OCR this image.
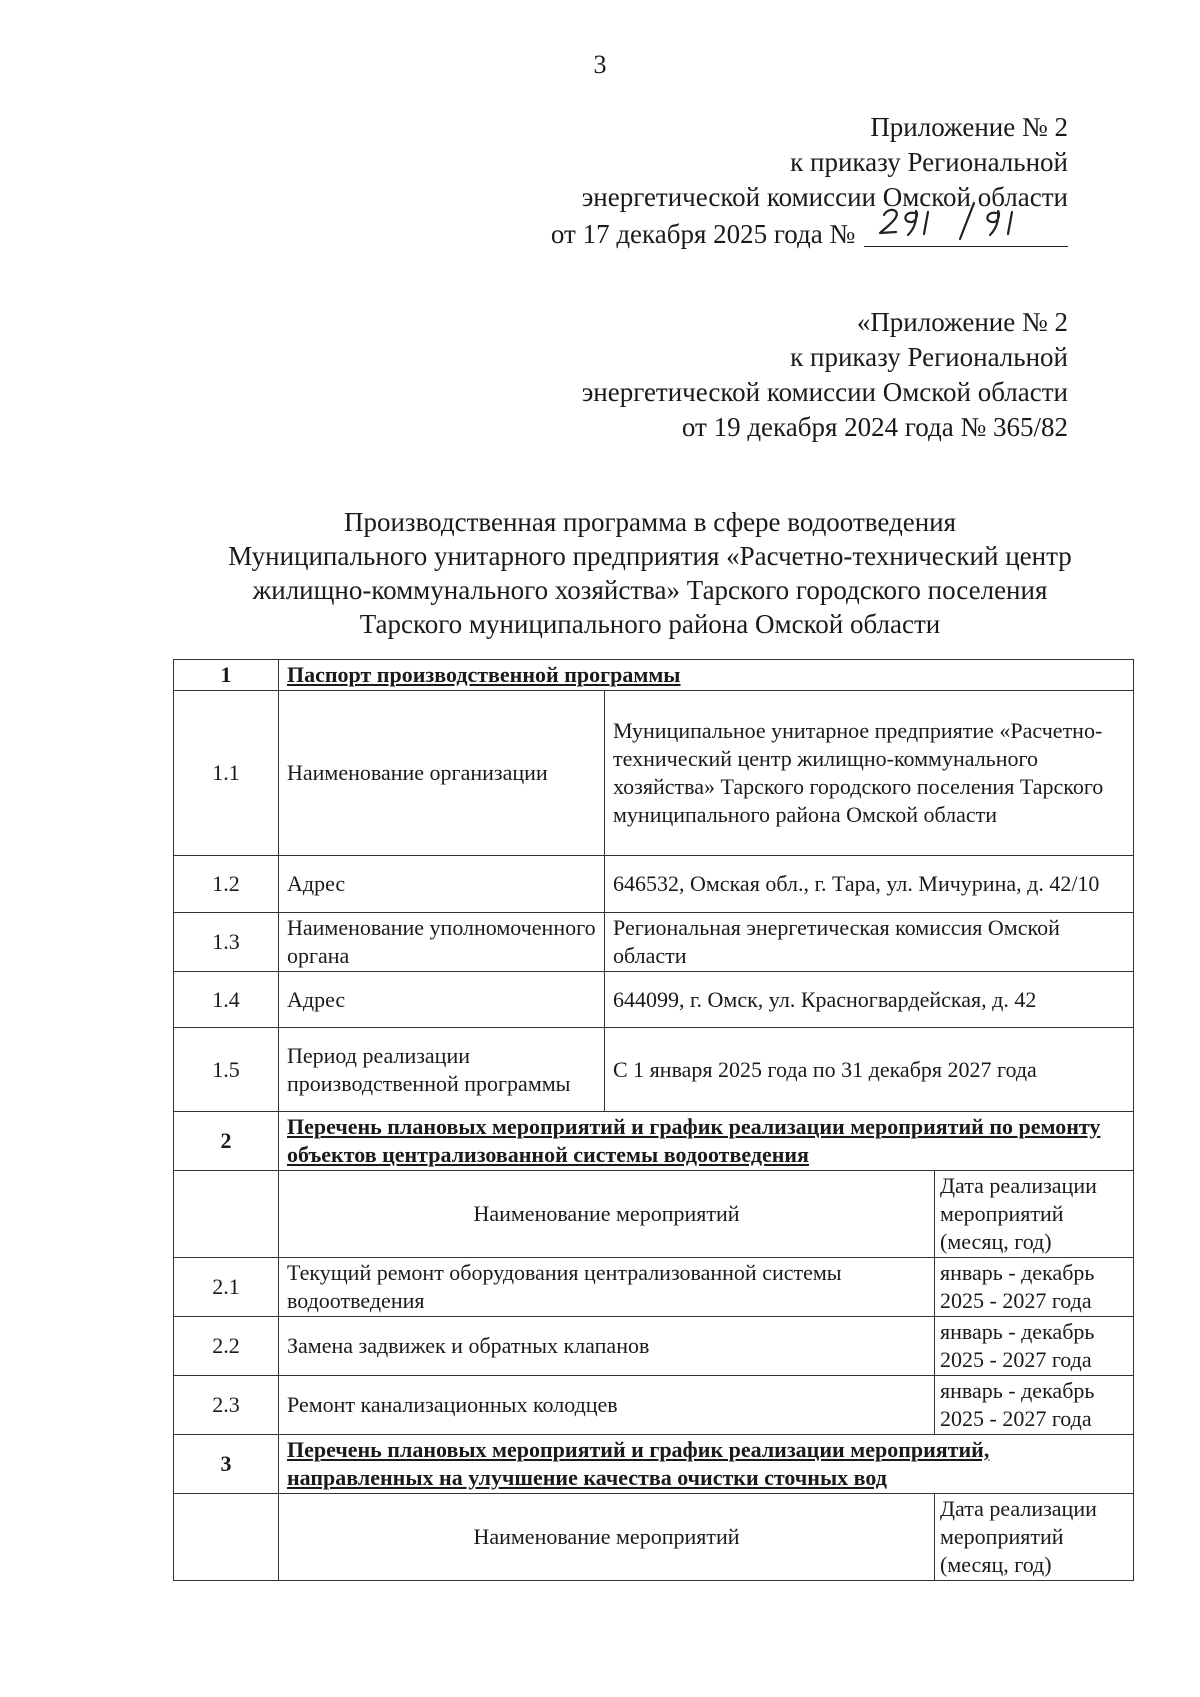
3
Приложение № 2
к приказу Региональной
энергетической комиссии Омской области
от 17 декабря 2025 года №
«Приложение № 2
к приказу Региональной
энергетической комиссии Омской области
от 19 декабря 2024 года № 365/82
Производственная программа в сфере водоотведения
Муниципального унитарного предприятия «Расчетно-технический центр
жилищно-коммунального хозяйства» Тарского городского поселения
Тарского муниципального района Омской области
1	Паспорт производственной программы		
1.1	Наименование организации	Муниципальное унитарное предприятие «Расчетно-технический центр жилищно-коммунального хозяйства» Тарского городского поселения Тарского муниципального района Омской области	
1.2	Адрес	646532, Омская обл., г. Тара, ул. Мичурина, д. 42/10	
1.3	Наименование уполномоченного органа	Региональная энергетическая комиссия Омской области	
1.4	Адрес	644099, г. Омск, ул. Красногвардейская, д. 42	
1.5	Период реализации производственной программы	С 1 января 2025 года по 31 декабря 2027 года	
2	Перечень плановых мероприятий и график реализации мероприятий по ремонту объектов централизованной системы водоотведения		
	Наименование мероприятий		Дата реализации мероприятий (месяц, год)
2.1	Текущий ремонт оборудования централизованной системы водоотведения		январь - декабрь 2025 - 2027 года
2.2	Замена задвижек и обратных клапанов		январь - декабрь 2025 - 2027 года
2.3	Ремонт канализационных колодцев		январь - декабрь 2025 - 2027 года
3	Перечень плановых мероприятий и график реализации мероприятий, направленных на улучшение качества очистки сточных вод		
	Наименование мероприятий		Дата реализации мероприятий (месяц, год)
